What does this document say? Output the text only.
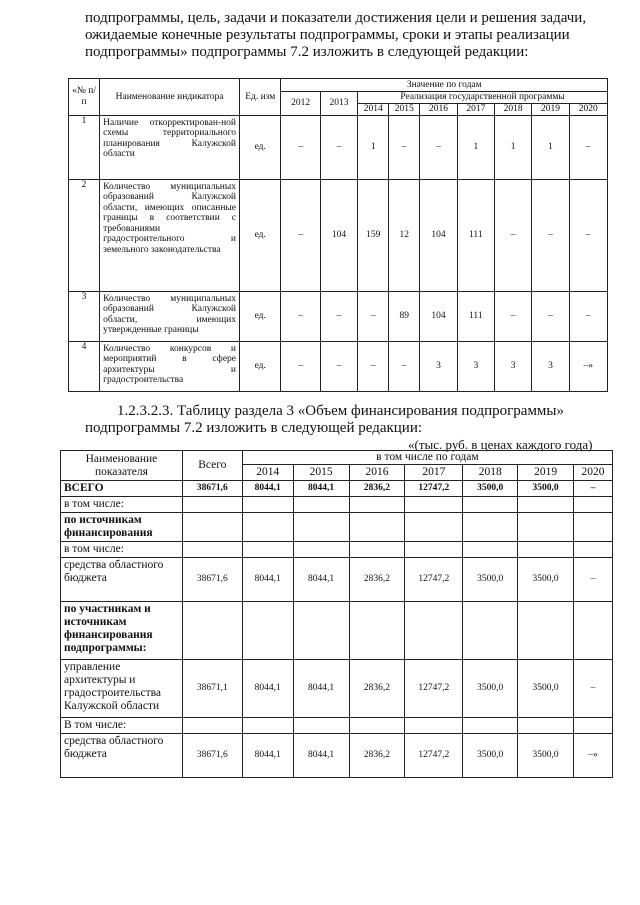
подпрограммы, цель, задачи и показатели достижения цели и решения задачи,
ожидаемые конечные результаты подпрограммы, сроки и этапы реализации
подпрограммы» подпрограммы 7.2 изложить в следующей редакции:
«№ п/п	Наименование индикатора	Ед. изм	Значение по годам								
			2012	2013	Реализация государственной программы						
					2014	2015	2016	2017	2018	2019	2020
1	Наличие откорректирован-ной схемы территориального планирования Калужской области	ед.	–	–	1	–	–	1	1	1	–
2	Количество муниципальных образований Калужской области, имеющих описанные границы в соответствии с требованиями градостроительного и земельного законодательства	ед.	–	104	159	12	104	111	–	–	–
3	Количество муниципальных образований Калужской области, имеющих утвержденные границы	ед.	–	–	–	89	104	111	–	–	–
4	Количество конкурсов и мероприятий в сфере архитектуры и градостроительства	ед.	–	–	–	–	3	3	3	3	–»
1.2.3.2.3. Таблицу раздела 3 «Объем финансирования подпрограммы»
подпрограммы 7.2 изложить в следующей редакции:
«(тыс. руб. в ценах каждого года)
Наименование показателя	Всего	в том числе по годам						
		2014	2015	2016	2017	2018	2019	2020
ВСЕГО	38671,6	8044,1	8044,1	2836,2	12747,2	3500,0	3500,0	–
в том числе:								
по источникам финансирования								
в том числе:								
средства областного бюджета	38671,6	8044,1	8044,1	2836,2	12747,2	3500,0	3500,0	–
по участникам и источникам финансирования подпрограммы:								
управление архитектуры и градостроительства Калужской области	38671,1	8044,1	8044,1	2836,2	12747,2	3500,0	3500,0	–
В том числе:								
средства областного бюджета	38671,6	8044,1	8044,1	2836,2	12747,2	3500,0	3500,0	–»
